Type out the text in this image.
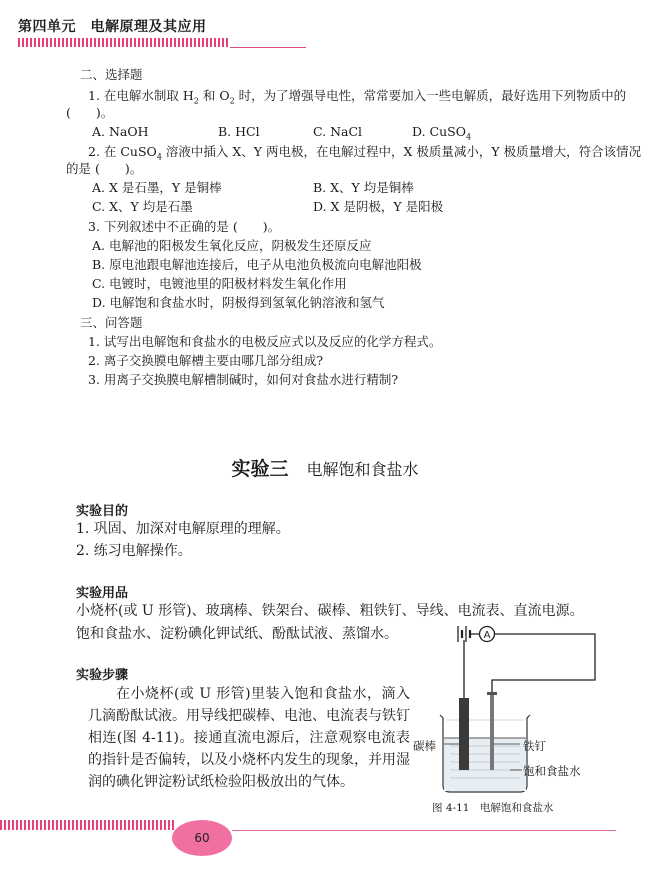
第四单元　电解原理及其应用
二、选择题
1. 在电解水制取 $H_2$ 和 $O_2$ 时，为了增强导电性，常常要加入一些电解质，最好选用下列物质中的
(　　)。
A. NaOH	B. HCl	C. NaCl	D. CuSO$_4$
2. 在 CuSO$_4$ 溶液中插入 X、Y 两电极，在电解过程中，X 极质量减小，Y 极质量增大，符合该情况
的是 (　　)。
A. X 是石墨，Y 是铜棒	B. X、Y 均是铜棒
C. X、Y 均是石墨	D. X 是阴极，Y 是阳极
3. 下列叙述中不正确的是 (　　)。
A. 电解池的阳极发生氧化反应，阴极发生还原反应
B. 原电池跟电解池连接后，电子从电池负极流向电解池阳极
C. 电镀时，电镀池里的阳极材料发生氧化作用
D. 电解饱和食盐水时，阴极得到氢氧化钠溶液和氢气
三、问答题
1. 试写出电解饱和食盐水的电极反应式以及反应的化学方程式。
2. 离子交换膜电解槽主要由哪几部分组成?
3. 用离子交换膜电解槽制碱时，如何对食盐水进行精制?
实验三 电解饱和食盐水
实验目的
1. 巩固、加深对电解原理的理解。
2. 练习电解操作。
实验用品
小烧杯(或 U 形管)、玻璃棒、铁架台、碳棒、粗铁钉、导线、电流表、直流电源。
饱和食盐水、淀粉碘化钾试纸、酚酞试液、蒸馏水。
实验步骤
在小烧杯(或 U 形管)里装入饱和食盐水，滴入几滴酚酞试液。用导线把碳棒、电池、电流表与铁钉相连(图 4-11)。接通直流电源后，注意观察电流表的指针是否偏转，以及小烧杯内发生的现象，并用湿润的碘化钾淀粉试纸检验阳极放出的气体。
A
碳棒	铁钉
饱和食盐水
图 4-11　电解饱和食盐水
60
